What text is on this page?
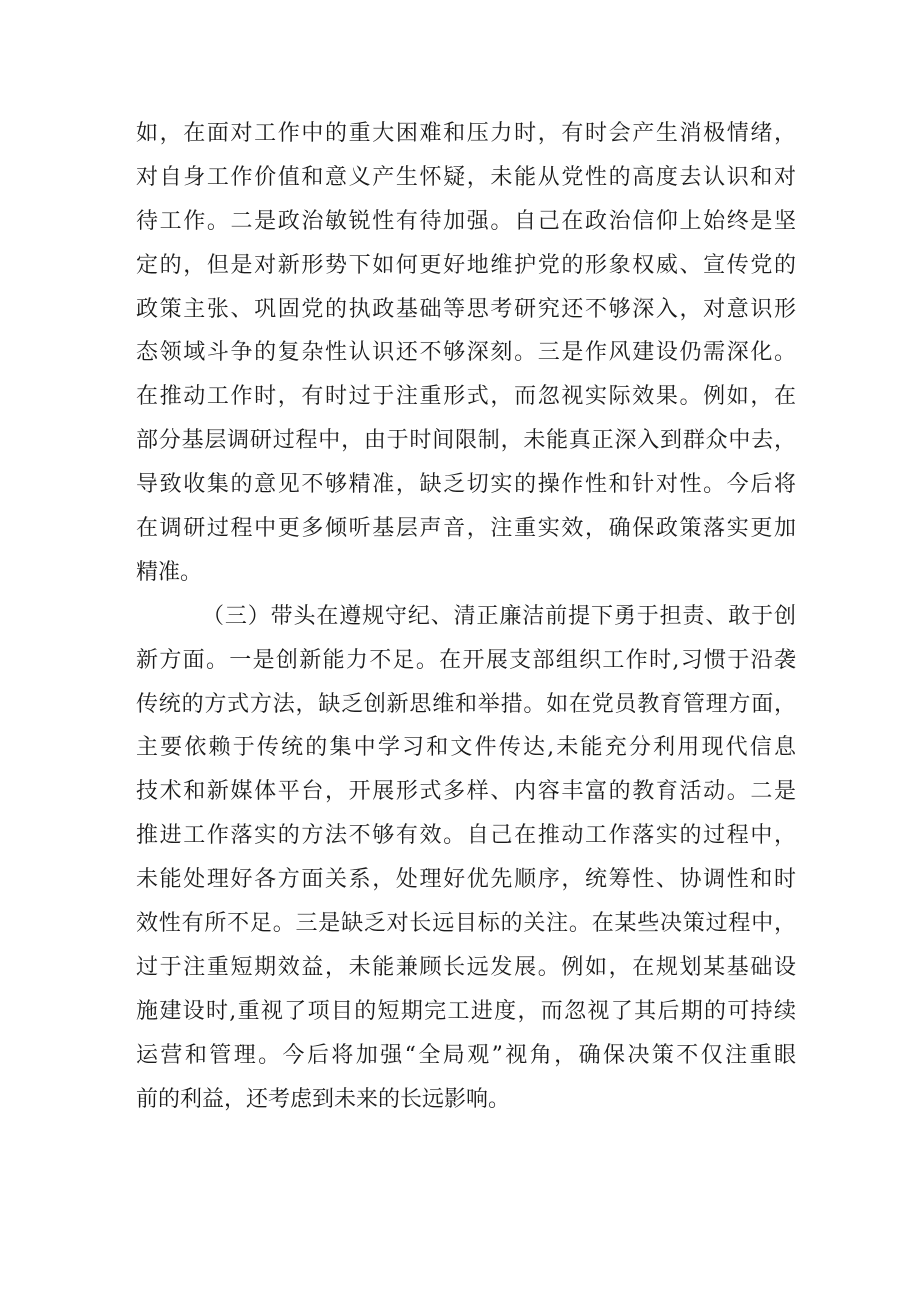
如，在面对工作中的重大困难和压力时，有时会产生消极情绪，
对自身工作价值和意义产生怀疑，未能从党性的高度去认识和对
待工作。二是政治敏锐性有待加强。自己在政治信仰上始终是坚
定的，但是对新形势下如何更好地维护党的形象权威、宣传党的
政策主张、巩固党的执政基础等思考研究还不够深入，对意识形
态领域斗争的复杂性认识还不够深刻。三是作风建设仍需深化。
在推动工作时，有时过于注重形式，而忽视实际效果。例如，在
部分基层调研过程中，由于时间限制，未能真正深入到群众中去，
导致收集的意见不够精准，缺乏切实的操作性和针对性。今后将
在调研过程中更多倾听基层声音，注重实效，确保政策落实更加
精准。
（三）带头在遵规守纪、清正廉洁前提下勇于担责、敢于创
新方面。一是创新能力不足。在开展支部组织工作时,习惯于沿袭
传统的方式方法，缺乏创新思维和举措。如在党员教育管理方面，
主要依赖于传统的集中学习和文件传达,未能充分利用现代信息
技术和新媒体平台，开展形式多样、内容丰富的教育活动。二是
推进工作落实的方法不够有效。自己在推动工作落实的过程中，
未能处理好各方面关系，处理好优先顺序，统筹性、协调性和时
效性有所不足。三是缺乏对长远目标的关注。在某些决策过程中，
过于注重短期效益，未能兼顾长远发展。例如，在规划某基础设
施建设时,重视了项目的短期完工进度，而忽视了其后期的可持续
运营和管理。今后将加强“全局观”视角，确保决策不仅注重眼
前的利益，还考虑到未来的长远影响。
